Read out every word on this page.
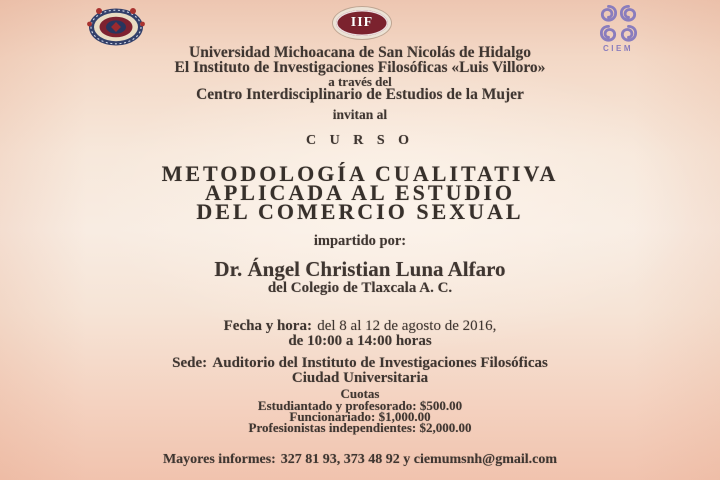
IIF
CIEM
Universidad Michoacana de San Nicolás de Hidalgo
El Instituto de Investigaciones Filosóficas «Luis Villoro»
a través del
Centro Interdisciplinario de Estudios de la Mujer
invitan al
C U R S O
METODOLOGÍA CUALITATIVA
APLICADA AL ESTUDIO
DEL COMERCIO SEXUAL
impartido por:
Dr. Ángel Christian Luna Alfaro
del Colegio de Tlaxcala A. C.
Fecha y hora: del 8 al 12 de agosto de 2016,
de 10:00 a 14:00 horas
Sede: Auditorio del Instituto de Investigaciones Filosóficas
Ciudad Universitaria
Cuotas
Estudiantado y profesorado: $500.00
Funcionariado: $1,000.00
Profesionistas independientes: $2,000.00
Mayores informes: 327 81 93, 373 48 92 y ciemumsnh@gmail.com
